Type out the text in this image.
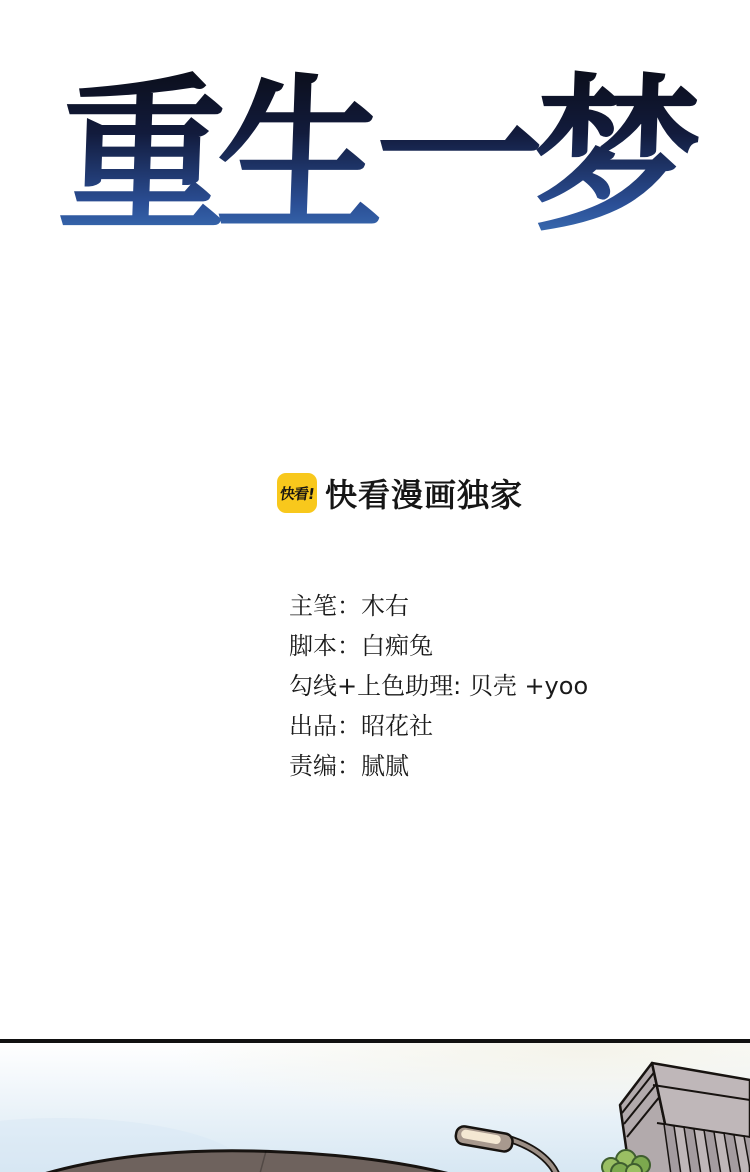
重生一梦
快看! 快看漫画独家
主笔：木右
脚本：白痴兔
勾线+上色助理: 贝壳 +yoo
出品：昭花社
责编：腻腻
